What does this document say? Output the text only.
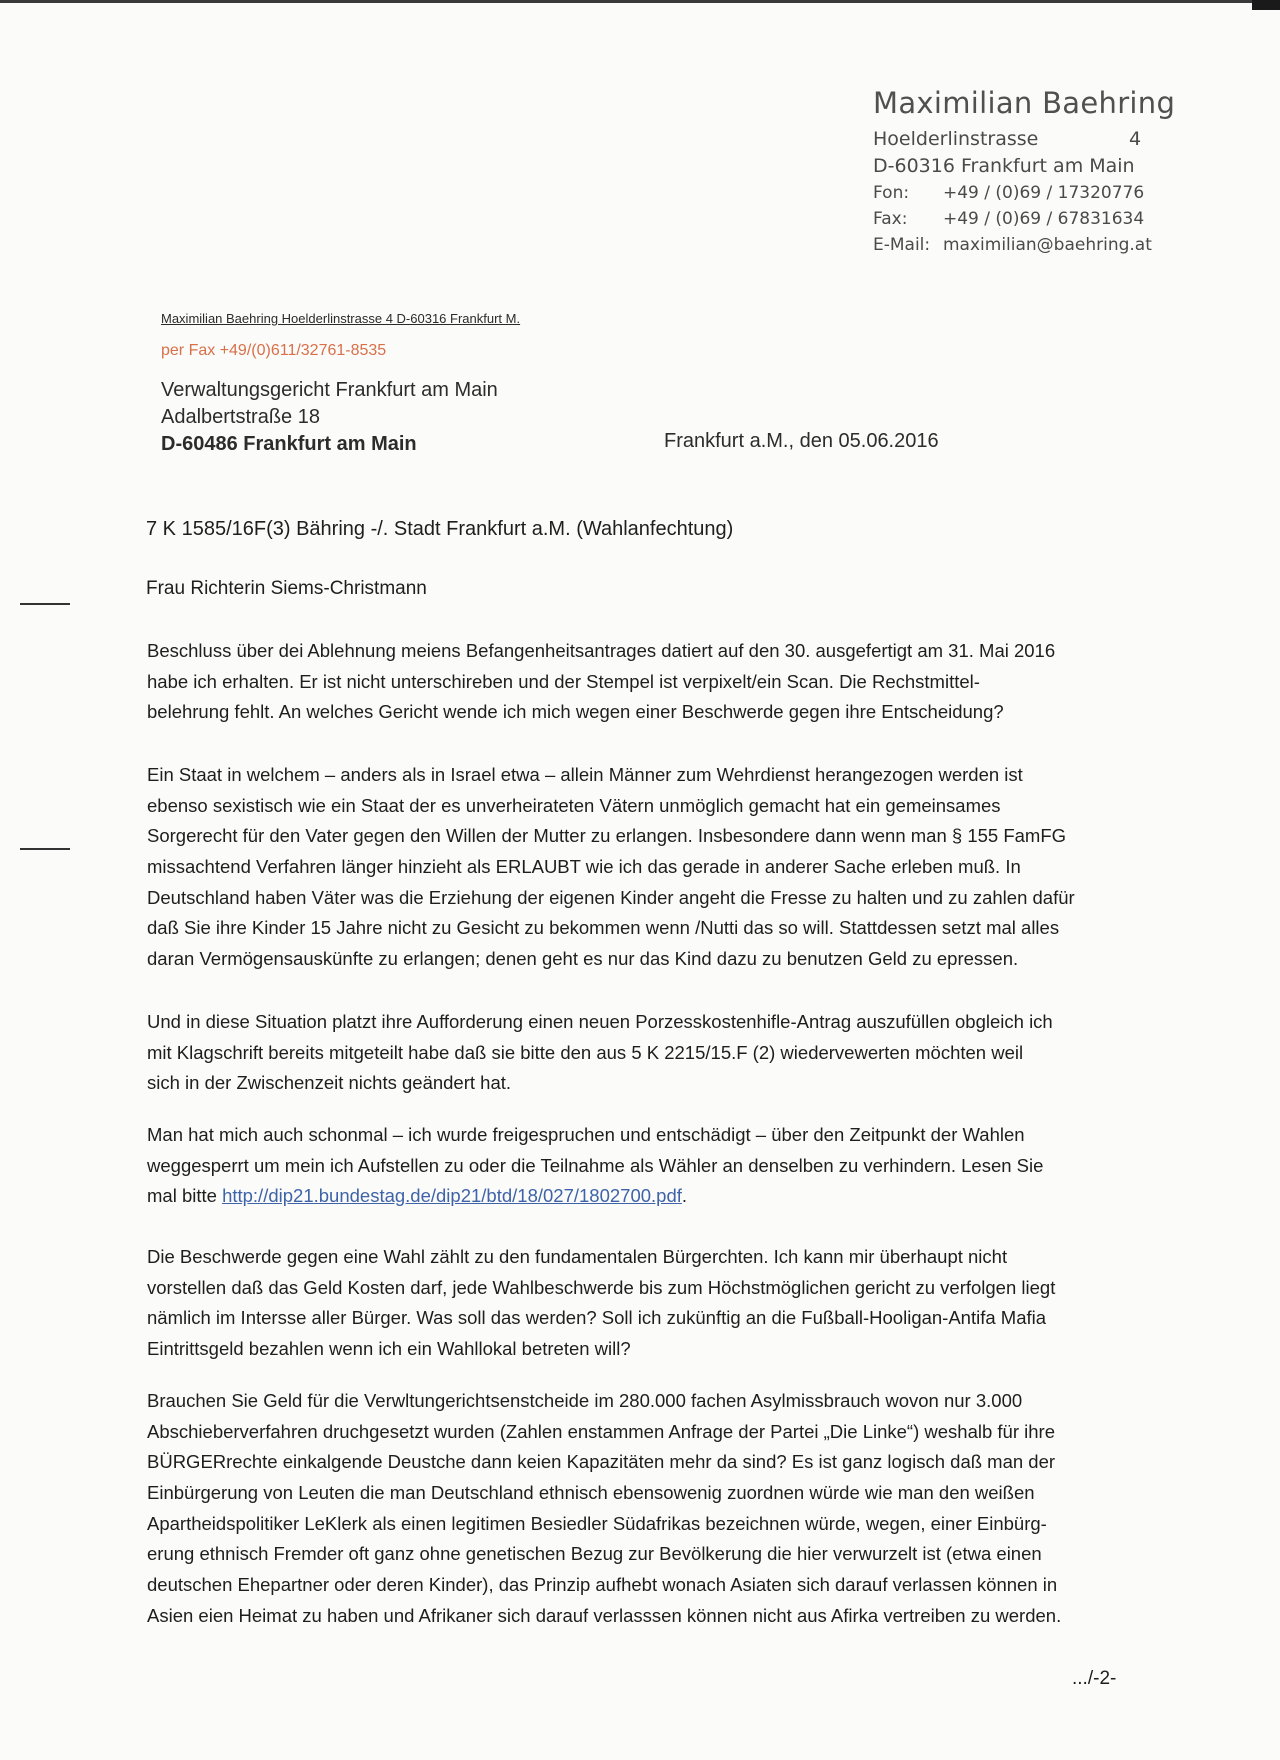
Maximilian Baehring
Hoelderlinstrasse	4
D-60316 Frankfurt am Main
Fon: +49 / (0)69 / 17320776
Fax: +49 / (0)69 / 67831634
E-Mail: maximilian@baehring.at
Maximilian Baehring Hoelderlinstrasse 4 D-60316 Frankfurt M.
per Fax +49/(0)611/32761-8535
Verwaltungsgericht Frankfurt am Main
Adalbertstraße 18
D-60486 Frankfurt am Main	Frankfurt a.M., den 05.06.2016
7 K 1585/16F(3) Bähring -/. Stadt Frankfurt a.M. (Wahlanfechtung)
Frau Richterin Siems-Christmann
Beschluss über dei Ablehnung meiens Befangenheitsantrages datiert auf den 30. ausgefertigt am 31. Mai 2016
habe ich erhalten. Er ist nicht unterschireben und der Stempel ist verpixelt/ein Scan. Die Rechstmittel-
belehrung fehlt. An welches Gericht wende ich mich wegen einer Beschwerde gegen ihre Entscheidung?
Ein Staat in welchem – anders als in Israel etwa – allein Männer zum Wehrdienst herangezogen werden ist
ebenso sexistisch wie ein Staat der es unverheirateten Vätern unmöglich gemacht hat ein gemeinsames
Sorgerecht für den Vater gegen den Willen der Mutter zu erlangen. Insbesondere dann wenn man § 155 FamFG
missachtend Verfahren länger hinzieht als ERLAUBT wie ich das gerade in anderer Sache erleben muß. In
Deutschland haben Väter was die Erziehung der eigenen Kinder angeht die Fresse zu halten und zu zahlen dafür
daß Sie ihre Kinder 15 Jahre nicht zu Gesicht zu bekommen wenn /Nutti das so will. Stattdessen setzt mal alles
daran Vermögensauskünfte zu erlangen; denen geht es nur das Kind dazu zu benutzen Geld zu epressen.
Und in diese Situation platzt ihre Aufforderung einen neuen Porzesskostenhifle-Antrag auszufüllen obgleich ich
mit Klagschrift bereits mitgeteilt habe daß sie bitte den aus 5 K 2215/15.F (2) wiedervewerten möchten weil
sich in der Zwischenzeit nichts geändert hat.
Man hat mich auch schonmal – ich wurde freigespruchen und entschädigt – über den Zeitpunkt der Wahlen
weggesperrt um mein ich Aufstellen zu oder die Teilnahme als Wähler an denselben zu verhindern. Lesen Sie
mal bitte http://dip21.bundestag.de/dip21/btd/18/027/1802700.pdf.
Die Beschwerde gegen eine Wahl zählt zu den fundamentalen Bürgerchten. Ich kann mir überhaupt nicht
vorstellen daß das Geld Kosten darf, jede Wahlbeschwerde bis zum Höchstmöglichen gericht zu verfolgen liegt
nämlich im Intersse aller Bürger. Was soll das werden? Soll ich zukünftig an die Fußball-Hooligan-Antifa Mafia
Eintrittsgeld bezahlen wenn ich ein Wahllokal betreten will?
Brauchen Sie Geld für die Verwltungerichtsenstcheide im 280.000 fachen Asylmissbrauch wovon nur 3.000
Abschieberverfahren druchgesetzt wurden (Zahlen enstammen Anfrage der Partei „Die Linke“) weshalb für ihre
BÜRGERrechte einkalgende Deustche dann keien Kapazitäten mehr da sind? Es ist ganz logisch daß man der
Einbürgerung von Leuten die man Deutschland ethnisch ebensowenig zuordnen würde wie man den weißen
Apartheidspolitiker LeKlerk als einen legitimen Besiedler Südafrikas bezeichnen würde, wegen, einer Einbürg-
erung ethnisch Fremder oft ganz ohne genetischen Bezug zur Bevölkerung die hier verwurzelt ist (etwa einen
deutschen Ehepartner oder deren Kinder), das Prinzip aufhebt wonach Asiaten sich darauf verlassen können in
Asien eien Heimat zu haben und Afrikaner sich darauf verlasssen können nicht aus Afirka vertreiben zu werden.
.../-2-
